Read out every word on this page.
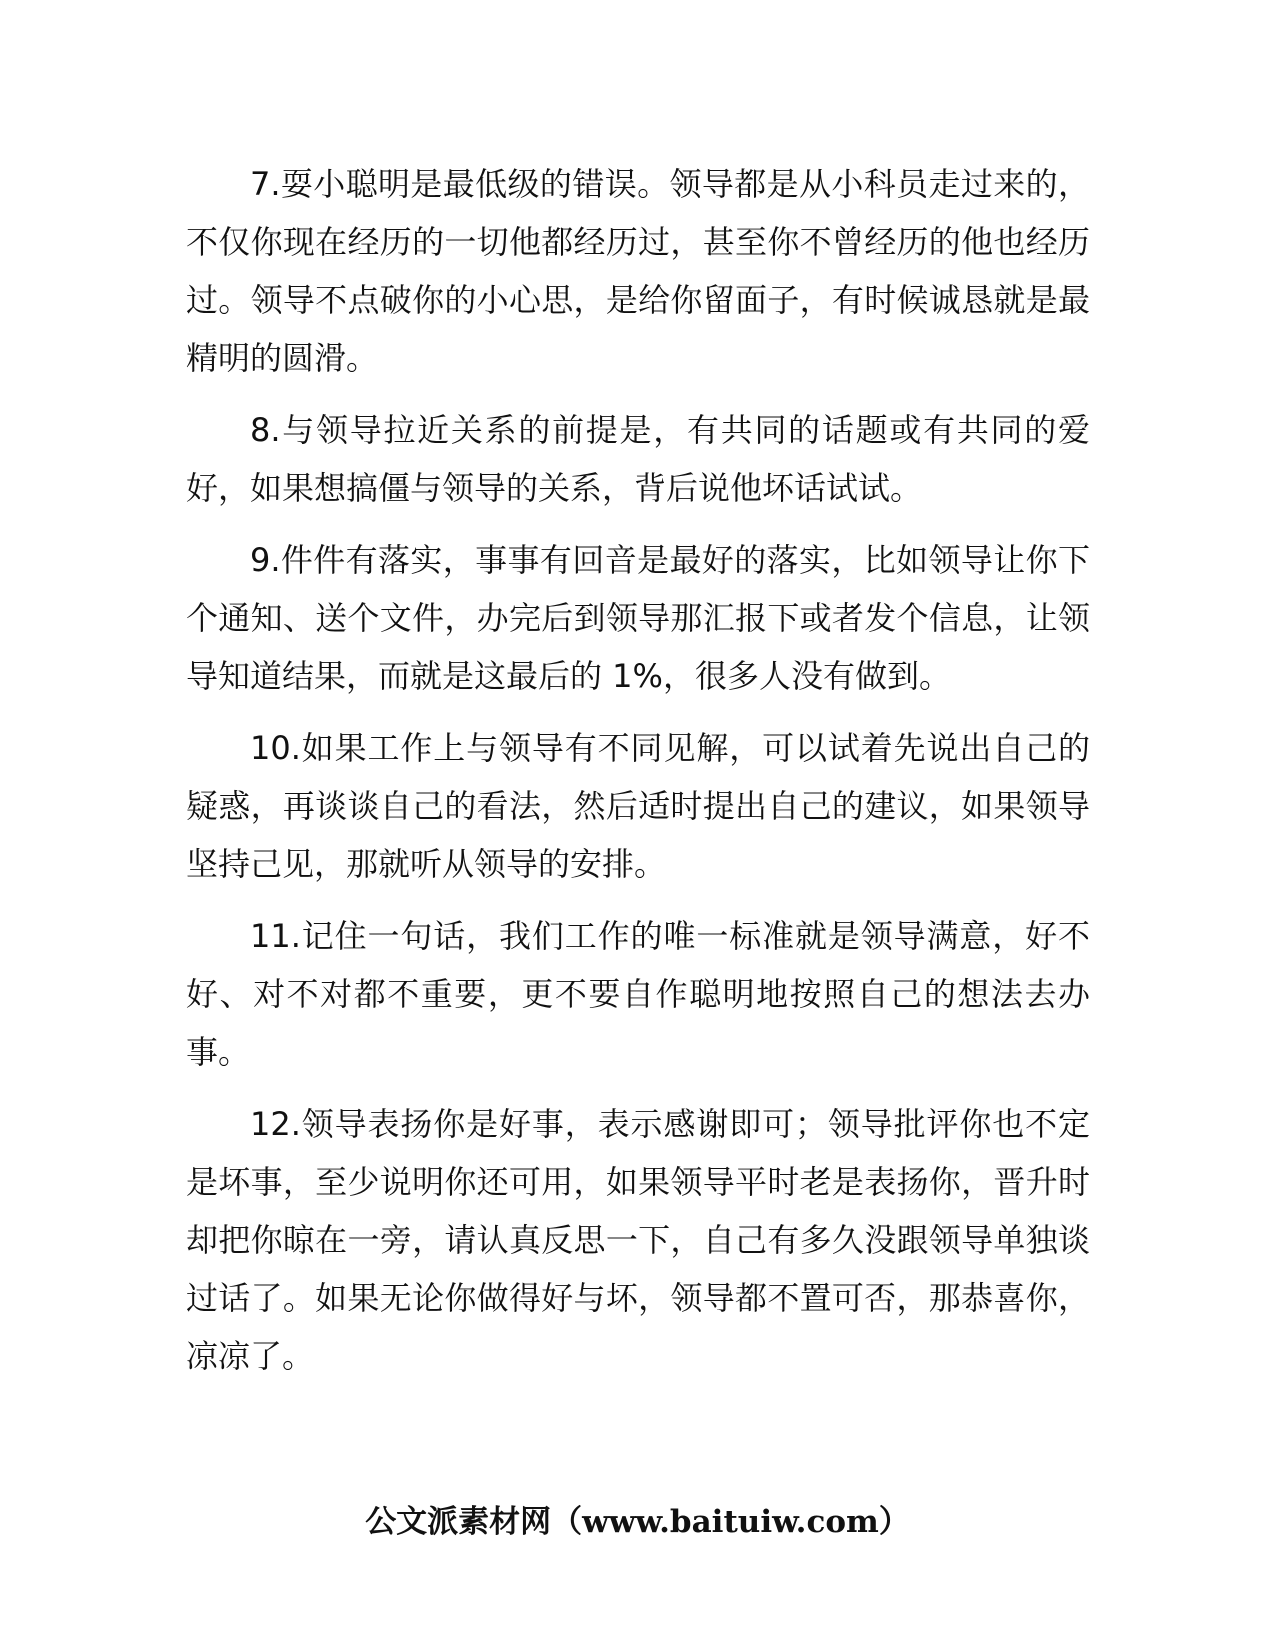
7.耍小聪明是最低级的错误。领导都是从小科员走过来的，不仅你现在经历的一切他都经历过，甚至你不曾经历的他也经历过。领导不点破你的小心思，是给你留面子，有时候诚恳就是最精明的圆滑。

8.与领导拉近关系的前提是，有共同的话题或有共同的爱好，如果想搞僵与领导的关系，背后说他坏话试试。

9.件件有落实，事事有回音是最好的落实，比如领导让你下个通知、送个文件，办完后到领导那汇报下或者发个信息，让领导知道结果，而就是这最后的 1%，很多人没有做到。

10.如果工作上与领导有不同见解，可以试着先说出自己的疑惑，再谈谈自己的看法，然后适时提出自己的建议，如果领导坚持己见，那就听从领导的安排。

11.记住一句话，我们工作的唯一标准就是领导满意，好不好、对不对都不重要，更不要自作聪明地按照自己的想法去办事。

12.领导表扬你是好事，表示感谢即可；领导批评你也不定是坏事，至少说明你还可用，如果领导平时老是表扬你，晋升时却把你晾在一旁，请认真反思一下，自己有多久没跟领导单独谈过话了。如果无论你做得好与坏，领导都不置可否，那恭喜你，凉凉了。

公文派素材网（www.baituiw.com）
